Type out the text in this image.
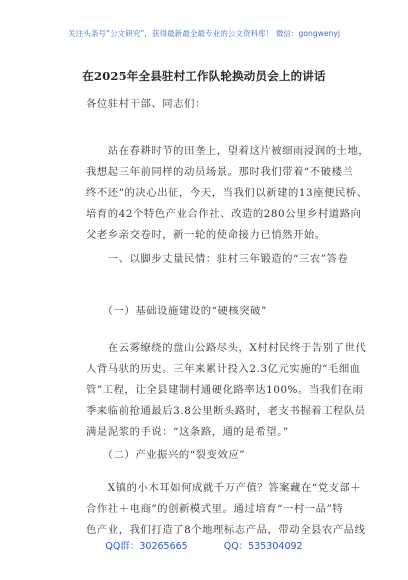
关注头条号“公文研究”，获得最新最全最专业的公文资料库！ 微信：gongwenyj
在2025年全县驻村工作队轮换动员会上的讲话
各位驻村干部、同志们：
　　站在春耕时节的田垄上，望着这片被细雨浸润的土地，
我想起三年前同样的动员场景。那时我们带着“不破楼兰
终不还”的决心出征，今天，当我们以新建的13座便民桥、
培育的42个特色产业合作社、改造的280公里乡村道路向
父老乡亲交卷时，新一轮的使命接力已悄然开始。
　　一、以脚步丈量民情：驻村三年锻造的“三农”答卷
　　（一）基础设施建设的“硬核突破”
　　在云雾缭绕的盘山公路尽头，X村村民终于告别了世代
人背马驮的历史。三年来累计投入2.3亿元实施的“毛细血
管”工程，让全县建制村通硬化路率达100%。当我们在雨
季来临前抢通最后3.8公里断头路时，老支书握着工程队员
满是泥浆的手说：“这条路，通的是希望。”
　　（二）产业振兴的“裂变效应”
　　X镇的小木耳如何成就千万产值？答案藏在“党支部＋
合作社＋电商”的创新模式里。通过培育“一村一品”特
色产业，我们打造了8个地理标志产品，带动全县农产品线
QQ群：30265665	QQ：535304092
